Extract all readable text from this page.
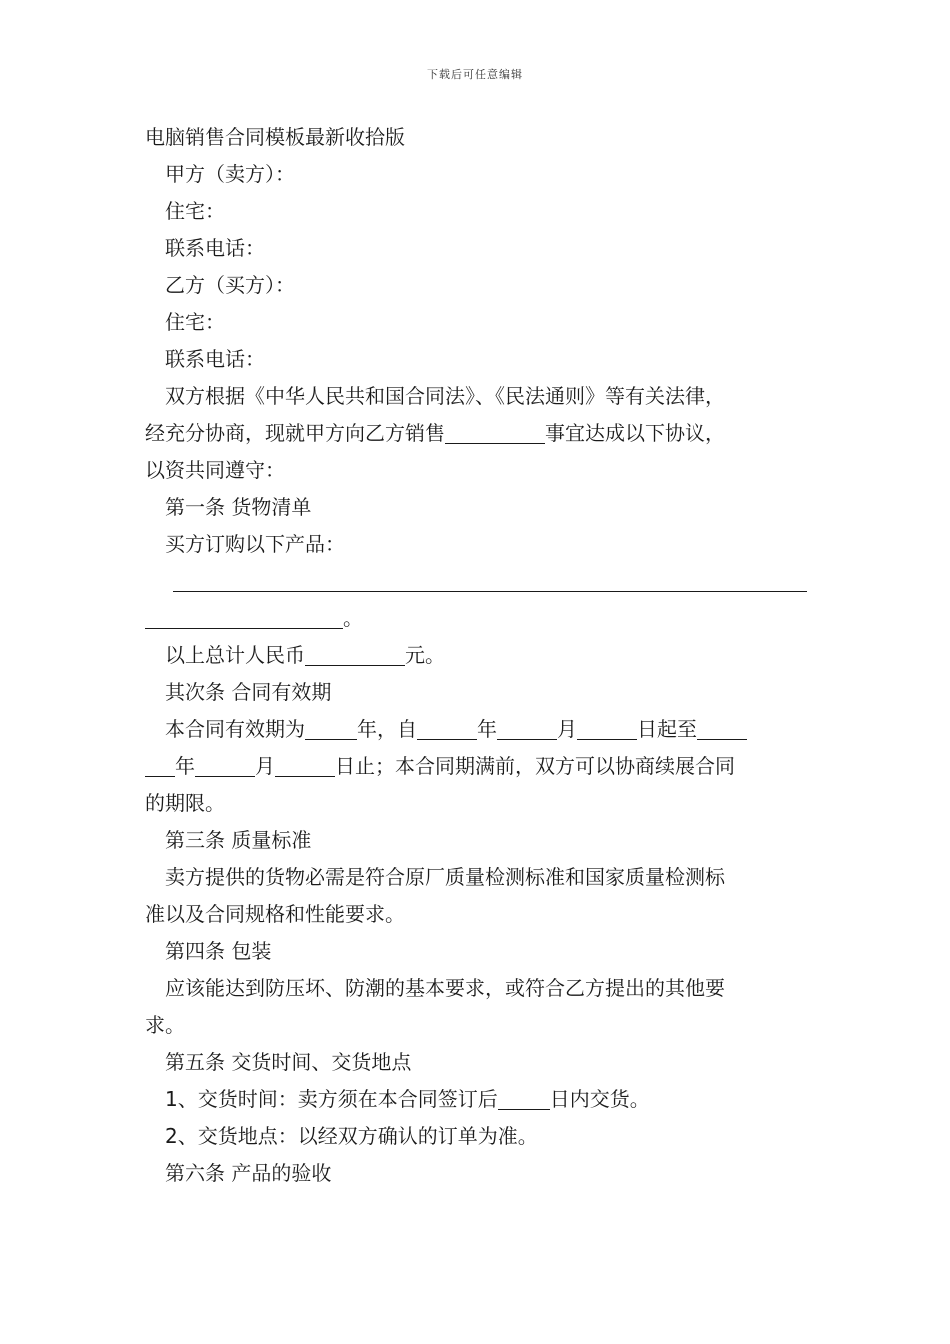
下载后可任意编辑
电脑销售合同模板最新收拾版
甲方（卖方）：
住宅：
联系电话：
乙方（买方）：
住宅：
联系电话：
双方根据《中华人民共和国合同法》、《民法通则》等有关法律，
经充分协商，现就甲方向乙方销售	事宜达成以下协议，
以资共同遵守：
第一条 货物清单
买方订购以下产品：
。
以上总计人民币	元。
其次条 合同有效期
本合同有效期为	年，自	年	月	日起至
年	月	日止；本合同期满前，双方可以协商续展合同
的期限。
第三条 质量标准
卖方提供的货物必需是符合原厂质量检测标准和国家质量检测标
准以及合同规格和性能要求。
第四条 包装
应该能达到防压坏、防潮的基本要求，或符合乙方提出的其他要
求。
第五条 交货时间、交货地点
1、交货时间：卖方须在本合同签订后	日内交货。
2、交货地点：以经双方确认的订单为准。
第六条 产品的验收
